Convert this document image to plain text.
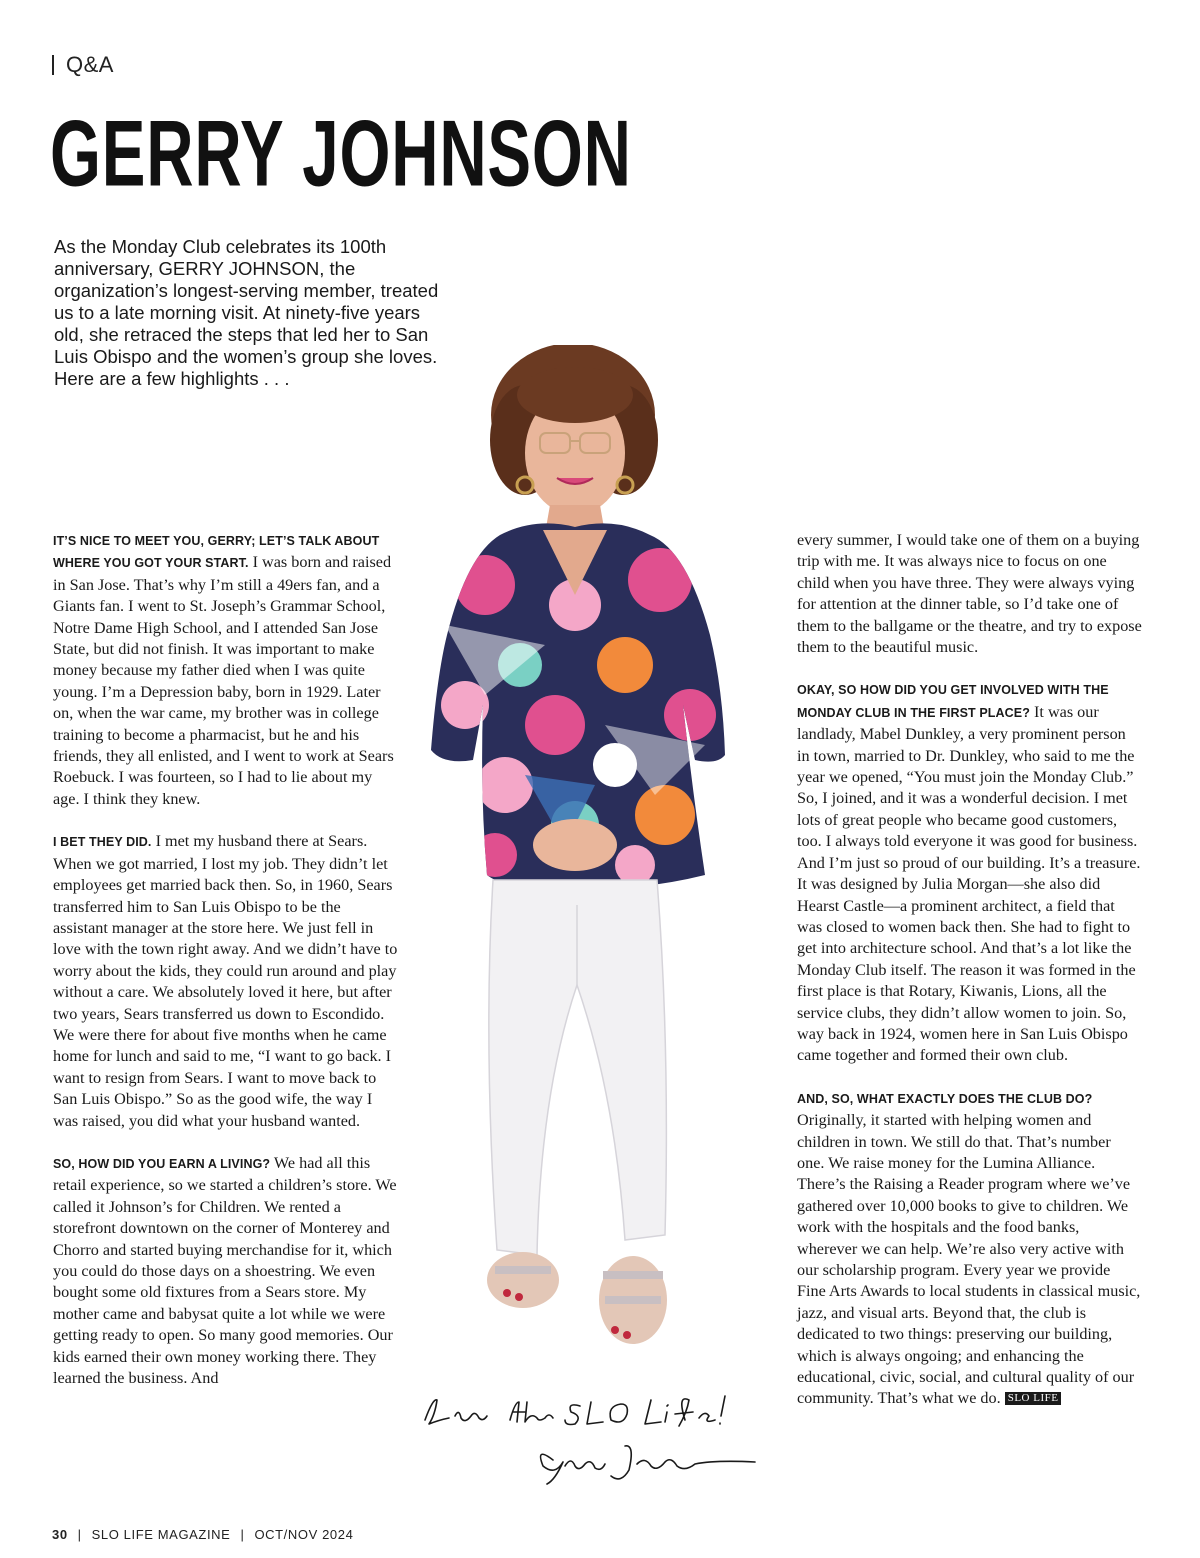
Q&A
GERRY JOHNSON

As the Monday Club celebrates its 100th anniversary, GERRY JOHNSON, the organization’s longest-serving member, treated us to a late morning visit. At ninety-five years old, she retraced the steps that led her to San Luis Obispo and the women’s group she loves. Here are a few highlights . . .

IT’S NICE TO MEET YOU, GERRY; LET’S TALK ABOUT WHERE YOU GOT YOUR START. I was born and raised in San Jose. That’s why I’m still a 49ers fan, and a Giants fan. I went to St. Joseph’s Grammar School, Notre Dame High School, and I attended San Jose State, but did not finish. It was important to make money because my father died when I was quite young. I’m a Depression baby, born in 1929. Later on, when the war came, my brother was in college training to become a pharmacist, but he and his friends, they all enlisted, and I went to work at Sears Roebuck. I was fourteen, so I had to lie about my age. I think they knew.

I BET THEY DID. I met my husband there at Sears. When we got married, I lost my job. They didn’t let employees get married back then. So, in 1960, Sears transferred him to San Luis Obispo to be the assistant manager at the store here. We just fell in love with the town right away. And we didn’t have to worry about the kids, they could run around and play without a care. We absolutely loved it here, but after two years, Sears transferred us down to Escondido. We were there for about five months when he came home for lunch and said to me, “I want to go back. I want to resign from Sears. I want to move back to San Luis Obispo.” So as the good wife, the way I was raised, you did what your husband wanted.

SO, HOW DID YOU EARN A LIVING? We had all this retail experience, so we started a children’s store. We called it Johnson’s for Children. We rented a storefront downtown on the corner of Monterey and Chorro and started buying merchandise for it, which you could do those days on a shoestring. We even bought some old fixtures from a Sears store. My mother came and babysat quite a lot while we were getting ready to open. So many good memories. Our kids earned their own money working there. They learned the business. And

every summer, I would take one of them on a buying trip with me. It was always nice to focus on one child when you have three. They were always vying for attention at the dinner table, so I’d take one of them to the ballgame or the theatre, and try to expose them to the beautiful music.

OKAY, SO HOW DID YOU GET INVOLVED WITH THE MONDAY CLUB IN THE FIRST PLACE? It was our landlady, Mabel Dunkley, a very prominent person in town, married to Dr. Dunkley, who said to me the year we opened, “You must join the Monday Club.” So, I joined, and it was a wonderful decision. I met lots of great people who became good customers, too. I always told everyone it was good for business. And I’m just so proud of our building. It’s a treasure. It was designed by Julia Morgan—she also did Hearst Castle—a prominent architect, a field that was closed to women back then. She had to fight to get into architecture school. And that’s a lot like the Monday Club itself. The reason it was formed in the first place is that Rotary, Kiwanis, Lions, all the service clubs, they didn’t allow women to join. So, way back in 1924, women here in San Luis Obispo came together and formed their own club.

AND, SO, WHAT EXACTLY DOES THE CLUB DO? Originally, it started with helping women and children in town. We still do that. That’s number one. We raise money for the Lumina Alliance. There’s the Raising a Reader program where we’ve gathered over 10,000 books to give to children. We work with the hospitals and the food banks, wherever we can help. We’re also very active with our scholarship program. Every year we provide Fine Arts Awards to local students in classical music, jazz, and visual arts. Beyond that, the club is dedicated to two things: preserving our building, which is always ongoing; and enhancing the educational, civic, social, and cultural quality of our community. That’s what we do. SLO LIFE

30 | SLO LIFE MAGAZINE | OCT/NOV 2024
